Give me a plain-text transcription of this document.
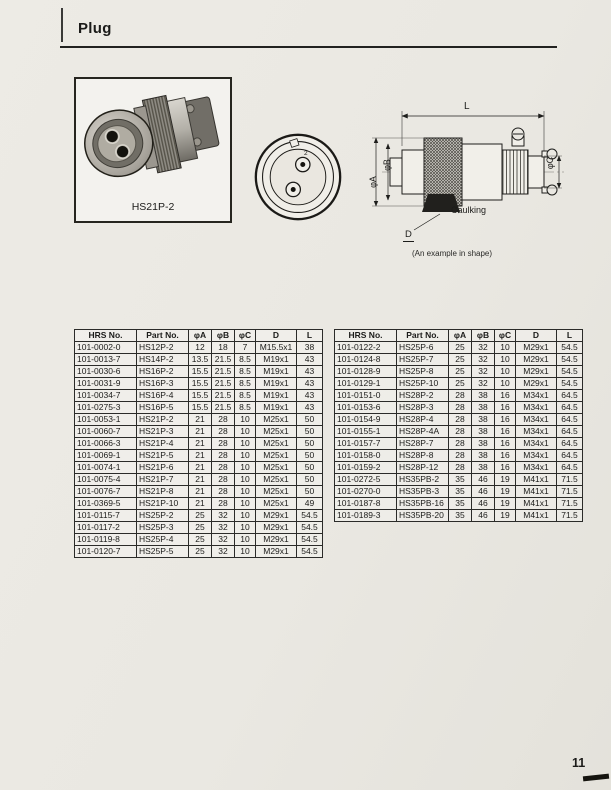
Plug
HS21P-2
2
L
φB
φA
φC
Caulking
D
(An example in shape)
HRS No.	Part No.	φA	φB	φC	D	L
101-0002-0	HS12P-2	12	18	7	M15.5x1	38
101-0013-7	HS14P-2	13.5	21.5	8.5	M19x1	43
101-0030-6	HS16P-2	15.5	21.5	8.5	M19x1	43
101-0031-9	HS16P-3	15.5	21.5	8.5	M19x1	43
101-0034-7	HS16P-4	15.5	21.5	8.5	M19x1	43
101-0275-3	HS16P-5	15.5	21.5	8.5	M19x1	43
101-0053-1	HS21P-2	21	28	10	M25x1	50
101-0060-7	HS21P-3	21	28	10	M25x1	50
101-0066-3	HS21P-4	21	28	10	M25x1	50
101-0069-1	HS21P-5	21	28	10	M25x1	50
101-0074-1	HS21P-6	21	28	10	M25x1	50
101-0075-4	HS21P-7	21	28	10	M25x1	50
101-0076-7	HS21P-8	21	28	10	M25x1	50
101-0369-5	HS21P-10	21	28	10	M25x1	49
101-0115-7	HS25P-2	25	32	10	M29x1	54.5
101-0117-2	HS25P-3	25	32	10	M29x1	54.5
101-0119-8	HS25P-4	25	32	10	M29x1	54.5
101-0120-7	HS25P-5	25	32	10	M29x1	54.5
HRS No.	Part No.	φA	φB	φC	D	L
101-0122-2	HS25P-6	25	32	10	M29x1	54.5
101-0124-8	HS25P-7	25	32	10	M29x1	54.5
101-0128-9	HS25P-8	25	32	10	M29x1	54.5
101-0129-1	HS25P-10	25	32	10	M29x1	54.5
101-0151-0	HS28P-2	28	38	16	M34x1	64.5
101-0153-6	HS28P-3	28	38	16	M34x1	64.5
101-0154-9	HS28P-4	28	38	16	M34x1	64.5
101-0155-1	HS28P-4A	28	38	16	M34x1	64.5
101-0157-7	HS28P-7	28	38	16	M34x1	64.5
101-0158-0	HS28P-8	28	38	16	M34x1	64.5
101-0159-2	HS28P-12	28	38	16	M34x1	64.5
101-0272-5	HS35PB-2	35	46	19	M41x1	71.5
101-0270-0	HS35PB-3	35	46	19	M41x1	71.5
101-0187-8	HS35PB-16	35	46	19	M41x1	71.5
101-0189-3	HS35PB-20	35	46	19	M41x1	71.5
11
